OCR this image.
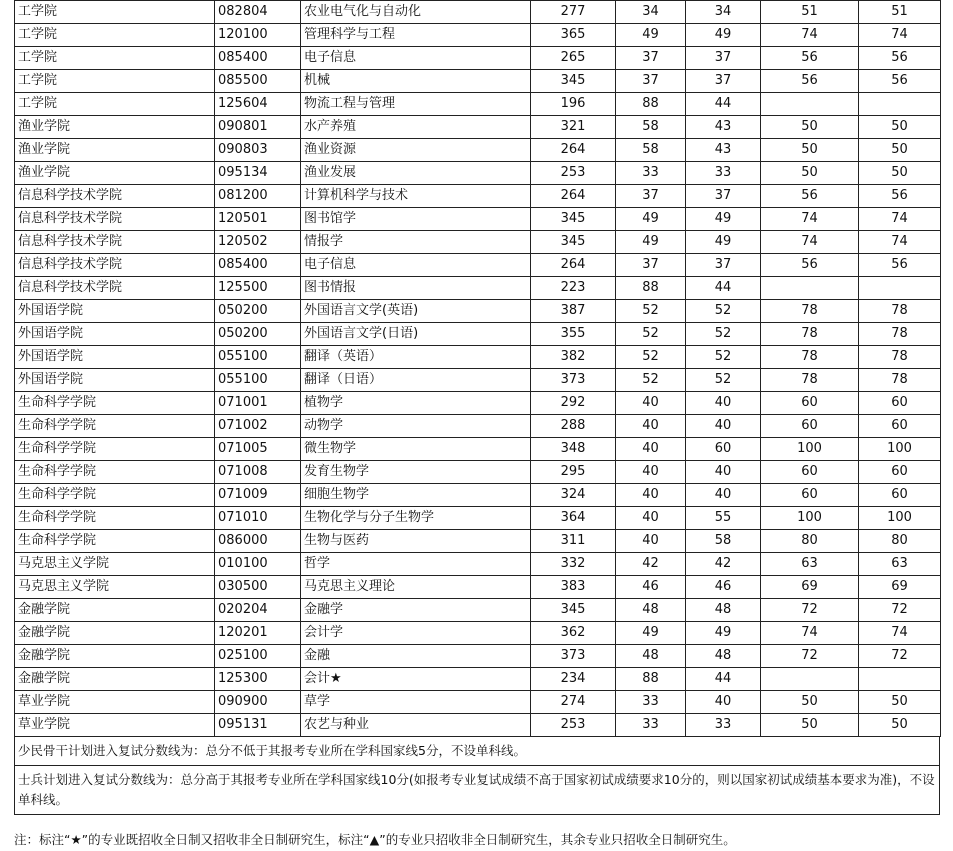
工学院	082804	农业电气化与自动化	277	34	34	51	51
工学院	120100	管理科学与工程	365	49	49	74	74
工学院	085400	电子信息	265	37	37	56	56
工学院	085500	机械	345	37	37	56	56
工学院	125604	物流工程与管理	196	88	44		
渔业学院	090801	水产养殖	321	58	43	50	50
渔业学院	090803	渔业资源	264	58	43	50	50
渔业学院	095134	渔业发展	253	33	33	50	50
信息科学技术学院	081200	计算机科学与技术	264	37	37	56	56
信息科学技术学院	120501	图书馆学	345	49	49	74	74
信息科学技术学院	120502	情报学	345	49	49	74	74
信息科学技术学院	085400	电子信息	264	37	37	56	56
信息科学技术学院	125500	图书情报	223	88	44		
外国语学院	050200	外国语言文学(英语)	387	52	52	78	78
外国语学院	050200	外国语言文学(日语)	355	52	52	78	78
外国语学院	055100	翻译（英语）	382	52	52	78	78
外国语学院	055100	翻译（日语）	373	52	52	78	78
生命科学学院	071001	植物学	292	40	40	60	60
生命科学学院	071002	动物学	288	40	40	60	60
生命科学学院	071005	微生物学	348	40	60	100	100
生命科学学院	071008	发育生物学	295	40	40	60	60
生命科学学院	071009	细胞生物学	324	40	40	60	60
生命科学学院	071010	生物化学与分子生物学	364	40	55	100	100
生命科学学院	086000	生物与医药	311	40	58	80	80
马克思主义学院	010100	哲学	332	42	42	63	63
马克思主义学院	030500	马克思主义理论	383	46	46	69	69
金融学院	020204	金融学	345	48	48	72	72
金融学院	120201	会计学	362	49	49	74	74
金融学院	025100	金融	373	48	48	72	72
金融学院	125300	会计★	234	88	44		
草业学院	090900	草学	274	33	40	50	50
草业学院	095131	农艺与种业	253	33	33	50	50
少民骨干计划进入复试分数线为：总分不低于其报考专业所在学科国家线5分，不设单科线。
士兵计划进入复试分数线为：总分高于其报考专业所在学科国家线10分(如报考专业复试成绩不高于国家初试成绩要求10分的，则以国家初试成绩基本要求为准)，不设单科线。
注：标注“★”的专业既招收全日制又招收非全日制研究生，标注“▲”的专业只招收非全日制研究生，其余专业只招收全日制研究生。
